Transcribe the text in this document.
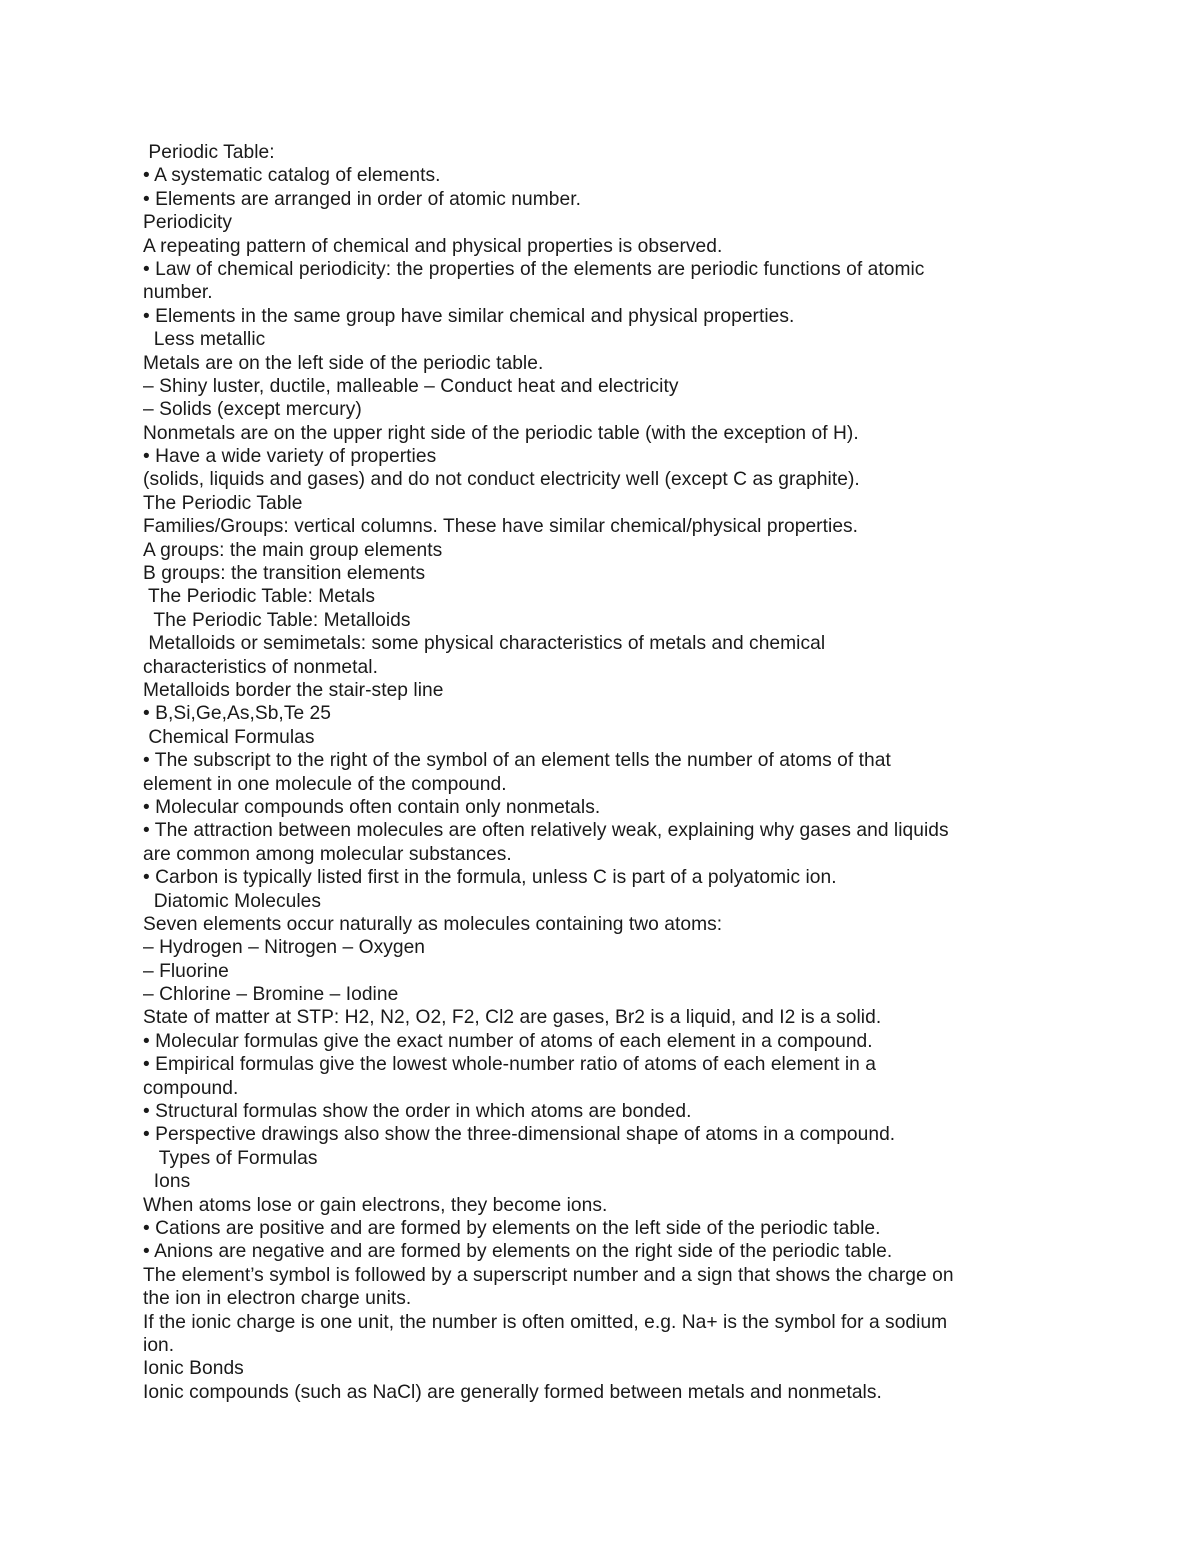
Periodic Table:
• A systematic catalog of elements.
• Elements are arranged in order of atomic number.
Periodicity
A repeating pattern of chemical and physical properties is observed.
• Law of chemical periodicity: the properties of the elements are periodic functions of atomic
number.
• Elements in the same group have similar chemical and physical properties.
Less metallic
Metals are on the left side of the periodic table.
– Shiny luster, ductile, malleable – Conduct heat and electricity
– Solids (except mercury)
Nonmetals are on the upper right side of the periodic table (with the exception of H).
• Have a wide variety of properties
(solids, liquids and gases) and do not conduct electricity well (except C as graphite).
The Periodic Table
Families/Groups: vertical columns. These have similar chemical/physical properties.
A groups: the main group elements
B groups: the transition elements
The Periodic Table: Metals
The Periodic Table: Metalloids
Metalloids or semimetals: some physical characteristics of metals and chemical
characteristics of nonmetal.
Metalloids border the stair-step line
• B,Si,Ge,As,Sb,Te 25
Chemical Formulas
• The subscript to the right of the symbol of an element tells the number of atoms of that
element in one molecule of the compound.
• Molecular compounds often contain only nonmetals.
• The attraction between molecules are often relatively weak, explaining why gases and liquids
are common among molecular substances.
• Carbon is typically listed first in the formula, unless C is part of a polyatomic ion.
Diatomic Molecules
Seven elements occur naturally as molecules containing two atoms:
– Hydrogen – Nitrogen – Oxygen
– Fluorine
– Chlorine – Bromine – Iodine
State of matter at STP: H2, N2, O2, F2, Cl2 are gases, Br2 is a liquid, and I2 is a solid.
• Molecular formulas give the exact number of atoms of each element in a compound.
• Empirical formulas give the lowest whole-number ratio of atoms of each element in a
compound.
• Structural formulas show the order in which atoms are bonded.
• Perspective drawings also show the three-dimensional shape of atoms in a compound.
Types of Formulas
Ions
When atoms lose or gain electrons, they become ions.
• Cations are positive and are formed by elements on the left side of the periodic table.
• Anions are negative and are formed by elements on the right side of the periodic table.
The element’s symbol is followed by a superscript number and a sign that shows the charge on
the ion in electron charge units.
If the ionic charge is one unit, the number is often omitted, e.g. Na+ is the symbol for a sodium
ion.
Ionic Bonds
Ionic compounds (such as NaCl) are generally formed between metals and nonmetals.
